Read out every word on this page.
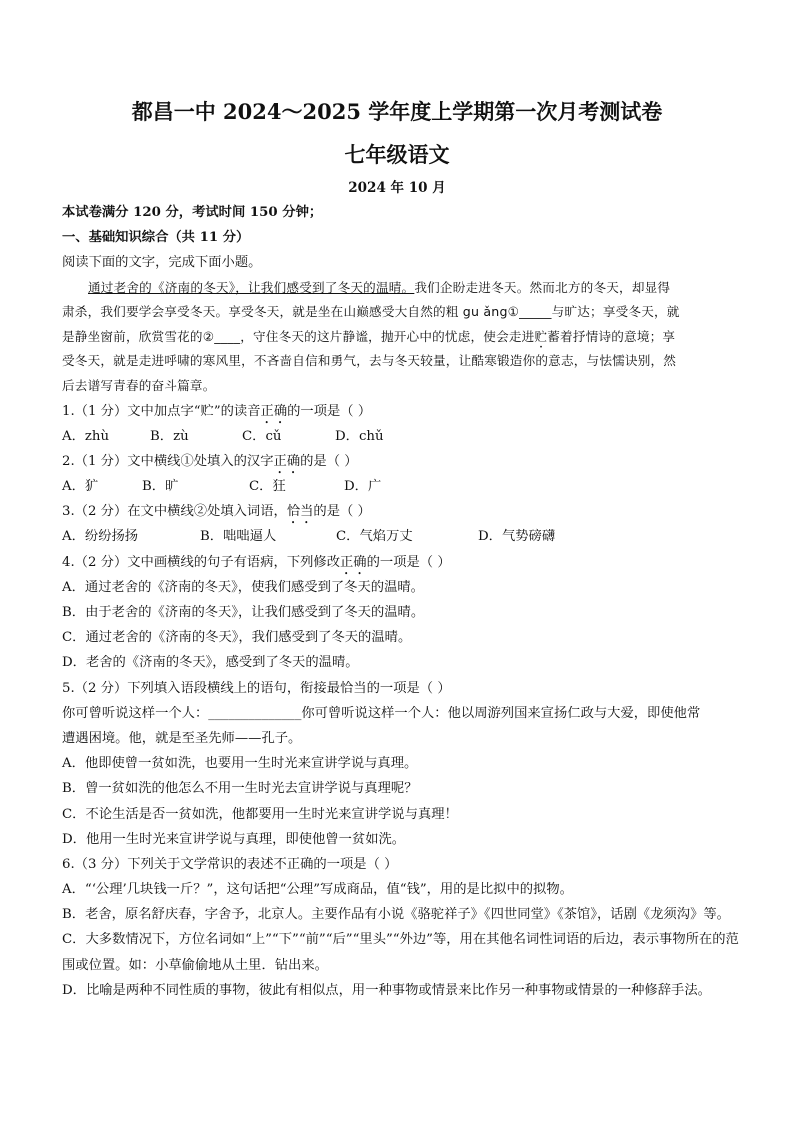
都昌一中 2024～2025 学年度上学期第一次月考测试卷
七年级语文
2024 年 10 月
本试卷满分 120 分，考试时间 150 分钟；
一、基础知识综合（共 11 分）
阅读下面的文字，完成下面小题。
通过老舍的《济南的冬天》，让我们感受到了冬天的温晴。我们企盼走进冬天。然而北方的冬天，却显得
肃杀，我们要学会享受冬天。享受冬天，就是坐在山巅感受大自然的粗 gu ǎng①_____与旷达；享受冬天，就
是静坐窗前，欣赏雪花的②____，守住冬天的这片静谧，抛开心中的忧虑，使会走进贮蓄着抒情诗的意境；享
受冬天，就是走进呼啸的寒风里，不吝啬自信和勇气，去与冬天较量，让酷寒锻造你的意志，与怯懦诀别，然
后去谱写青春的奋斗篇章。
1.（1 分）文中加点字“贮”的读音正确的一项是（ ）
A．zhù	B．zù	C．cǔ	D．chǔ
2.（1 分）文中横线①处填入的汉字正确的是（ ）
A．犷	B．旷	C．狂	D．广
3.（2 分）在文中横线②处填入词语，恰当的是（ ）
A．纷纷扬扬	B．咄咄逼人	C．气焰万丈	D．气势磅礴
4.（2 分）文中画横线的句子有语病，下列修改正确的一项是（ ）
A．通过老舍的《济南的冬天》，使我们感受到了冬天的温晴。
B．由于老舍的《济南的冬天》，让我们感受到了冬天的温晴。
C．通过老舍的《济南的冬天》，我们感受到了冬天的温晴。
D．老舍的《济南的冬天》，感受到了冬天的温晴。
5.（2 分）下列填入语段横线上的语句，衔接最恰当的一项是（ ）
你可曾听说这样一个人：______________你可曾听说这样一个人：他以周游列国来宣扬仁政与大爱，即使他常
遭遇困境。他，就是至圣先师——孔子。
A．他即使曾一贫如洗，也要用一生时光来宣讲学说与真理。
B．曾一贫如洗的他怎么不用一生时光去宣讲学说与真理呢？
C．不论生活是否一贫如洗，他都要用一生时光来宣讲学说与真理！
D．他用一生时光来宣讲学说与真理，即使他曾一贫如洗。
6.（3 分）下列关于文学常识的表述不正确的一项是（ ）
A．“‘公理’几块钱一斤？”，这句话把“公理”写成商品，值“钱”，用的是比拟中的拟物。
B．老舍，原名舒庆春，字舍予，北京人。主要作品有小说《骆驼祥子》《四世同堂》《茶馆》，话剧《龙须沟》等。
C．大多数情况下，方位名词如“上”“下”“前”“后”“里头”“外边”等，用在其他名词性词语的后边，表示事物所在的范围或位置。如：小草偷偷地从土里．钻出来。
D．比喻是两种不同性质的事物，彼此有相似点，用一种事物或情景来比作另一种事物或情景的一种修辞手法。
